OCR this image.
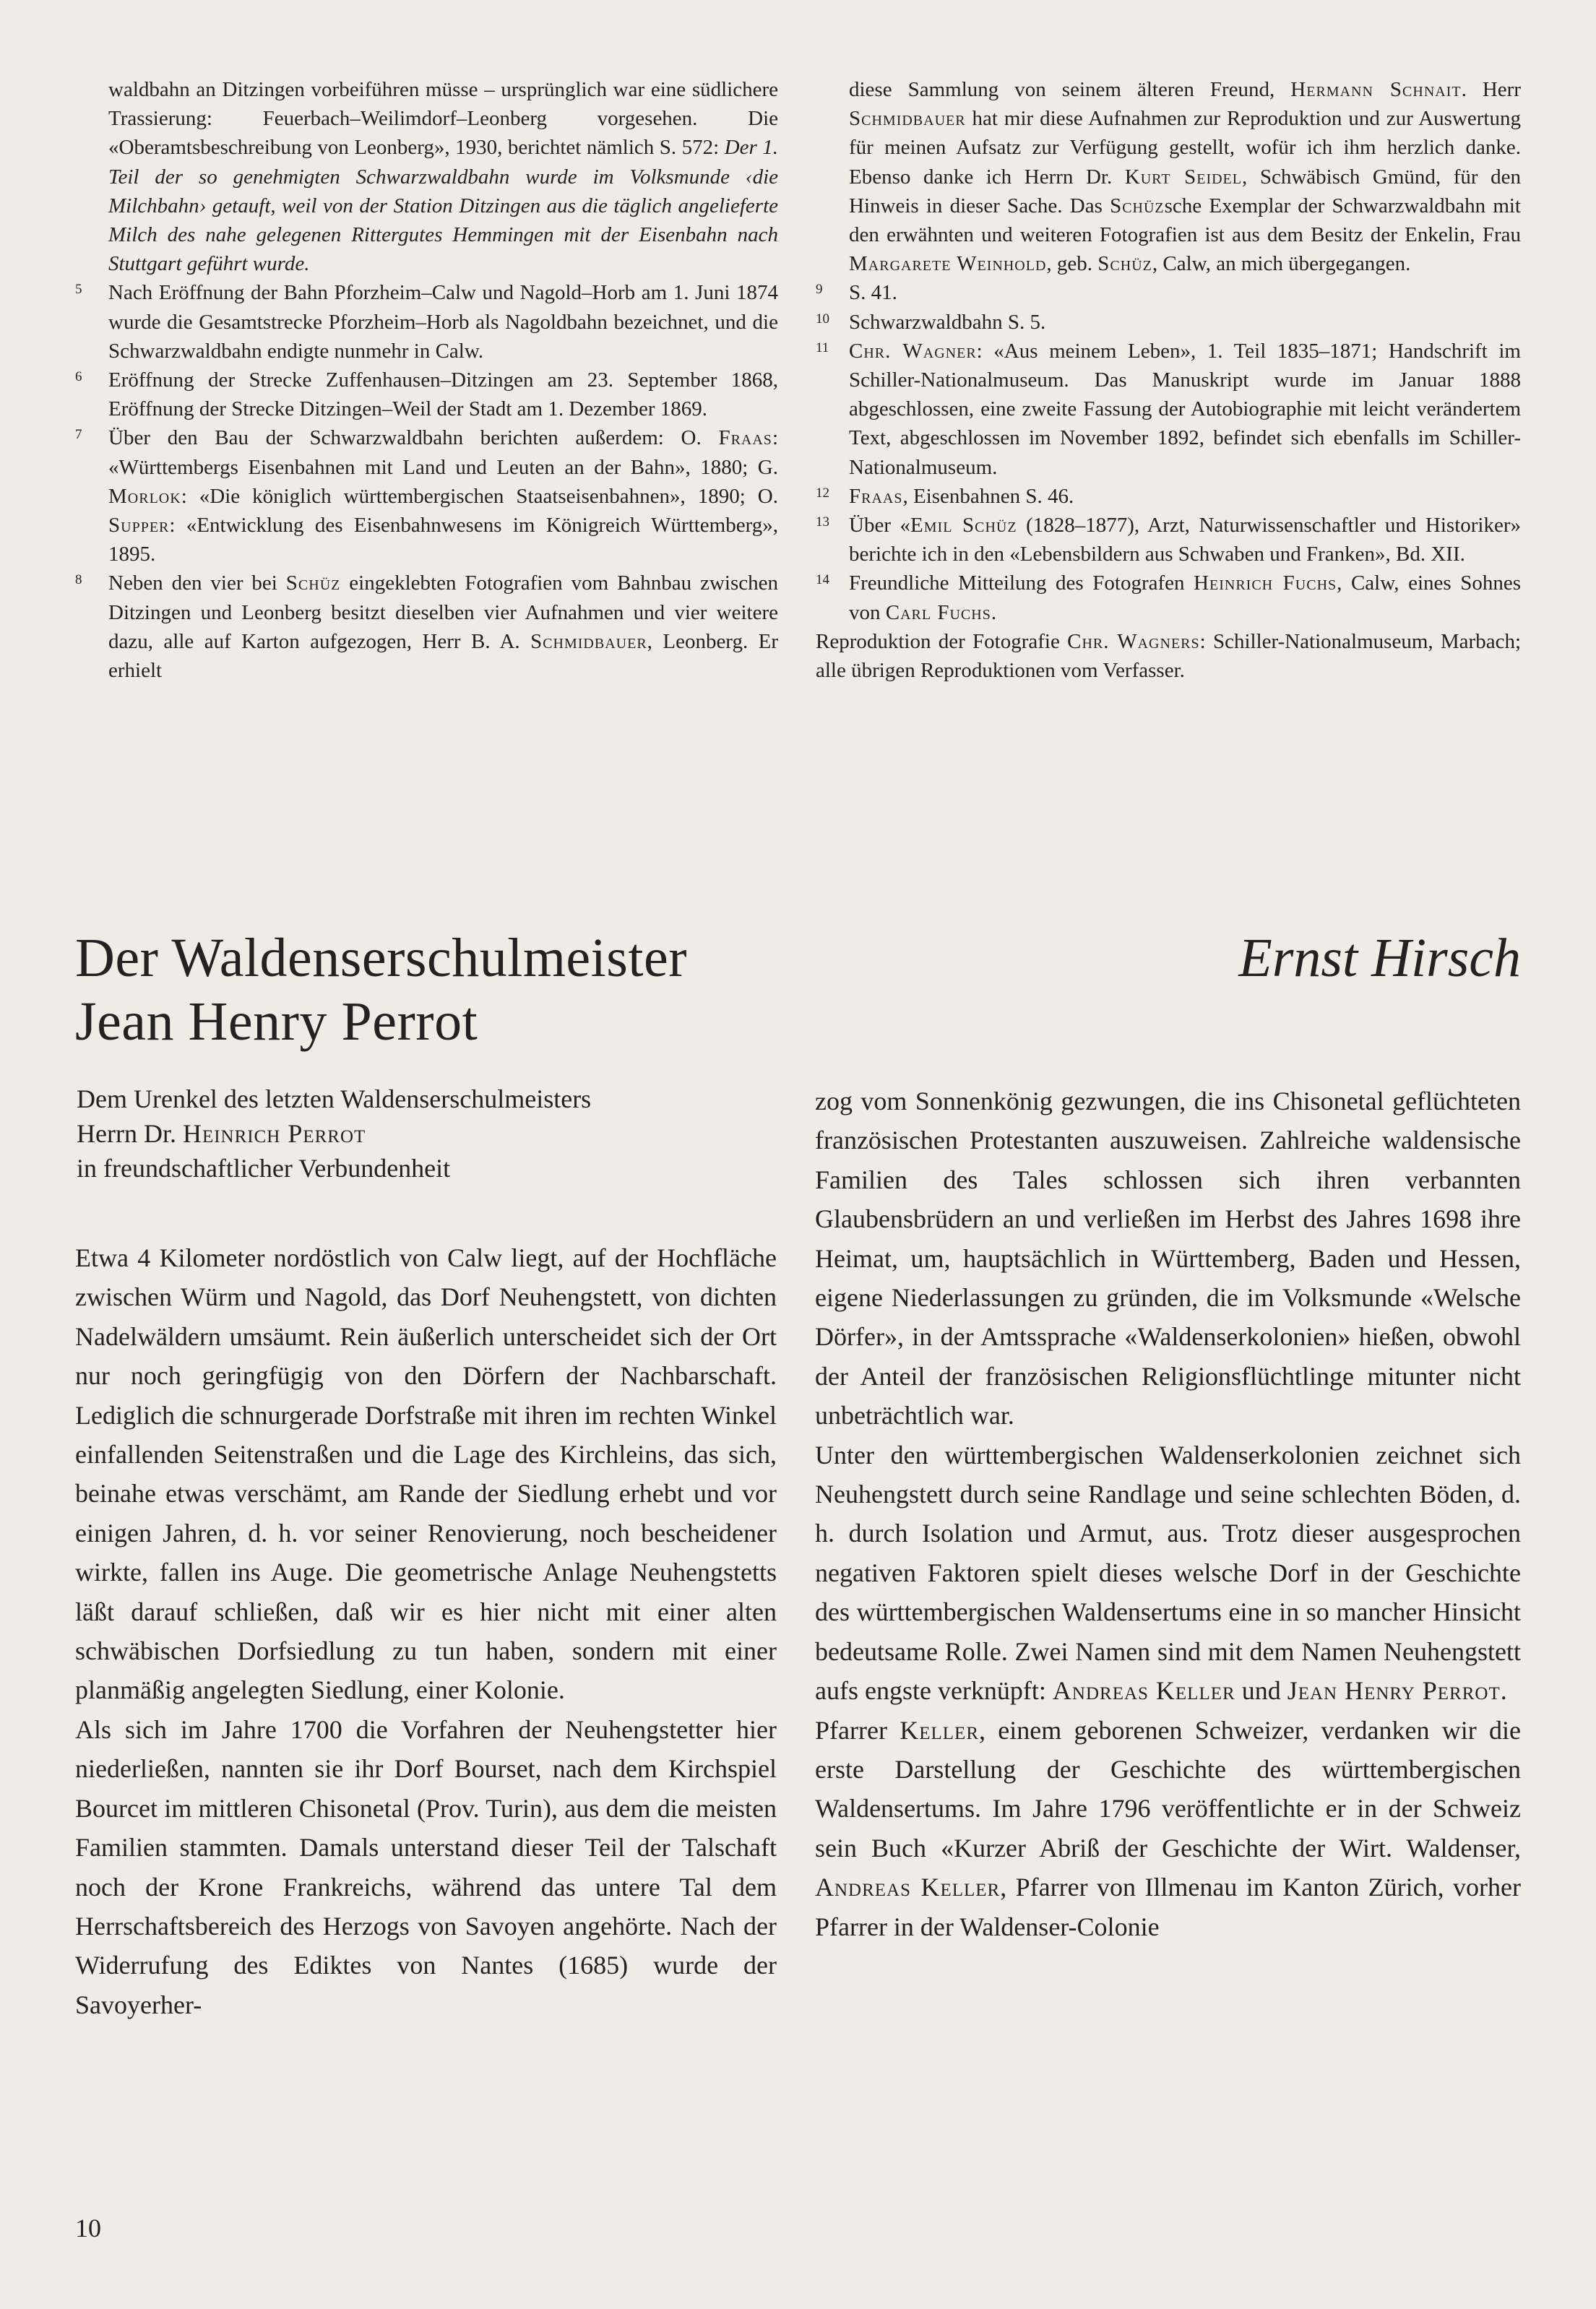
waldbahn an Ditzingen vorbeiführen müsse – ursprünglich war eine südlichere Trassierung: Feuerbach–Weilimdorf–Leonberg vorgesehen. Die «Oberamtsbeschreibung von Leonberg», 1930, berichtet nämlich S. 572: Der 1. Teil der so genehmigten Schwarzwaldbahn wurde im Volksmunde ‹die Milchbahn› getauft, weil von der Station Ditzingen aus die täglich angelieferte Milch des nahe gelegenen Rittergutes Hemmingen mit der Eisenbahn nach Stuttgart geführt wurde.

5 Nach Eröffnung der Bahn Pforzheim–Calw und Nagold–Horb am 1. Juni 1874 wurde die Gesamtstrecke Pforzheim–Horb als Nagoldbahn bezeichnet, und die Schwarzwaldbahn endigte nunmehr in Calw.

6 Eröffnung der Strecke Zuffenhausen–Ditzingen am 23. September 1868, Eröffnung der Strecke Ditzingen–Weil der Stadt am 1. Dezember 1869.

7 Über den Bau der Schwarzwaldbahn berichten außerdem: O. Fraas: «Württembergs Eisenbahnen mit Land und Leuten an der Bahn», 1880; G. Morlok: «Die königlich württembergischen Staatseisenbahnen», 1890; O. Supper: «Entwicklung des Eisenbahnwesens im Königreich Württemberg», 1895.

8 Neben den vier bei Schüz eingeklebten Fotografien vom Bahnbau zwischen Ditzingen und Leonberg besitzt dieselben vier Aufnahmen und vier weitere dazu, alle auf Karton aufgezogen, Herr B. A. Schmidbauer, Leonberg. Er erhielt

diese Sammlung von seinem älteren Freund, Hermann Schnait. Herr Schmidbauer hat mir diese Aufnahmen zur Reproduktion und zur Auswertung für meinen Aufsatz zur Verfügung gestellt, wofür ich ihm herzlich danke. Ebenso danke ich Herrn Dr. Kurt Seidel, Schwäbisch Gmünd, für den Hinweis in dieser Sache. Das Schüzsche Exemplar der Schwarzwaldbahn mit den erwähnten und weiteren Fotografien ist aus dem Besitz der Enkelin, Frau Margarete Weinhold, geb. Schüz, Calw, an mich übergegangen.

9 S. 41.

10 Schwarzwaldbahn S. 5.

11 Chr. Wagner: «Aus meinem Leben», 1. Teil 1835–1871; Handschrift im Schiller-Nationalmuseum. Das Manuskript wurde im Januar 1888 abgeschlossen, eine zweite Fassung der Autobiographie mit leicht verändertem Text, abgeschlossen im November 1892, befindet sich ebenfalls im Schiller-Nationalmuseum.

12 Fraas, Eisenbahnen S. 46.

13 Über «Emil Schüz (1828–1877), Arzt, Naturwissenschaftler und Historiker» berichte ich in den «Lebensbildern aus Schwaben und Franken», Bd. XII.

14 Freundliche Mitteilung des Fotografen Heinrich Fuchs, Calw, eines Sohnes von Carl Fuchs.

Reproduktion der Fotografie Chr. Wagners: Schiller-Nationalmuseum, Marbach; alle übrigen Reproduktionen vom Verfasser.

Der Waldenserschulmeister
Jean Henry Perrot
Ernst Hirsch
Dem Urenkel des letzten Waldenserschulmeisters
Herrn Dr. Heinrich Perrot
in freundschaftlicher Verbundenheit

Etwa 4 Kilometer nordöstlich von Calw liegt, auf der Hochfläche zwischen Würm und Nagold, das Dorf Neuhengstett, von dichten Nadelwäldern umsäumt. Rein äußerlich unterscheidet sich der Ort nur noch geringfügig von den Dörfern der Nachbarschaft. Lediglich die schnurgerade Dorfstraße mit ihren im rechten Winkel einfallenden Seitenstraßen und die Lage des Kirchleins, das sich, beinahe etwas verschämt, am Rande der Siedlung erhebt und vor einigen Jahren, d. h. vor seiner Renovierung, noch bescheidener wirkte, fallen ins Auge. Die geometrische Anlage Neuhengstetts läßt darauf schließen, daß wir es hier nicht mit einer alten schwäbischen Dorfsiedlung zu tun haben, sondern mit einer planmäßig angelegten Siedlung, einer Kolonie.

Als sich im Jahre 1700 die Vorfahren der Neuhengstetter hier niederließen, nannten sie ihr Dorf Bourset, nach dem Kirchspiel Bourcet im mittleren Chisonetal (Prov. Turin), aus dem die meisten Familien stammten. Damals unterstand dieser Teil der Talschaft noch der Krone Frankreichs, während das untere Tal dem Herrschaftsbereich des Herzogs von Savoyen angehörte. Nach der Widerrufung des Ediktes von Nantes (1685) wurde der Savoyerher-

zog vom Sonnenkönig gezwungen, die ins Chisonetal geflüchteten französischen Protestanten auszuweisen. Zahlreiche waldensische Familien des Tales schlossen sich ihren verbannten Glaubensbrüdern an und verließen im Herbst des Jahres 1698 ihre Heimat, um, hauptsächlich in Württemberg, Baden und Hessen, eigene Niederlassungen zu gründen, die im Volksmunde «Welsche Dörfer», in der Amtssprache «Waldenserkolonien» hießen, obwohl der Anteil der französischen Religionsflüchtlinge mitunter nicht unbeträchtlich war.

Unter den württembergischen Waldenserkolonien zeichnet sich Neuhengstett durch seine Randlage und seine schlechten Böden, d. h. durch Isolation und Armut, aus. Trotz dieser ausgesprochen negativen Faktoren spielt dieses welsche Dorf in der Geschichte des württembergischen Waldensertums eine in so mancher Hinsicht bedeutsame Rolle. Zwei Namen sind mit dem Namen Neuhengstett aufs engste verknüpft: Andreas Keller und Jean Henry Perrot.

Pfarrer Keller, einem geborenen Schweizer, verdanken wir die erste Darstellung der Geschichte des württembergischen Waldensertums. Im Jahre 1796 veröffentlichte er in der Schweiz sein Buch «Kurzer Abriß der Geschichte der Wirt. Waldenser, Andreas Keller, Pfarrer von Illmenau im Kanton Zürich, vorher Pfarrer in der Waldenser-Colonie

10
